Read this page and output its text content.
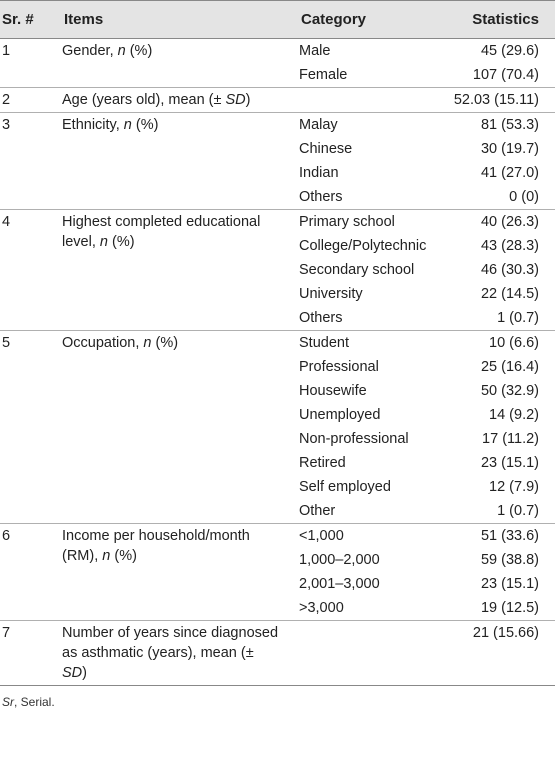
Sr. #	Items	Category	Statistics
1	Gender, n (%)	Male	45 (29.6)
		Female	107 (70.4)
2	Age (years old), mean (± SD)		52.03 (15.11)
3	Ethnicity, n (%)	Malay	81 (53.3)
		Chinese	30 (19.7)
		Indian	41 (27.0)
		Others	0 (0)
4	Highest completed educational level, n (%)	Primary school	40 (26.3)
		College/Polytechnic	43 (28.3)
		Secondary school	46 (30.3)
		University	22 (14.5)
		Others	1 (0.7)
5	Occupation, n (%)	Student	10 (6.6)
		Professional	25 (16.4)
		Housewife	50 (32.9)
		Unemployed	14 (9.2)
		Non-professional	17 (11.2)
		Retired	23 (15.1)
		Self employed	12 (7.9)
		Other	1 (0.7)
6	Income per household/month (RM), n (%)	<1,000	51 (33.6)
		1,000–2,000	59 (38.8)
		2,001–3,000	23 (15.1)
		>3,000	19 (12.5)
7	Number of years since diagnosed as asthmatic (years), mean (± SD)		21 (15.66)
Sr, Serial.
